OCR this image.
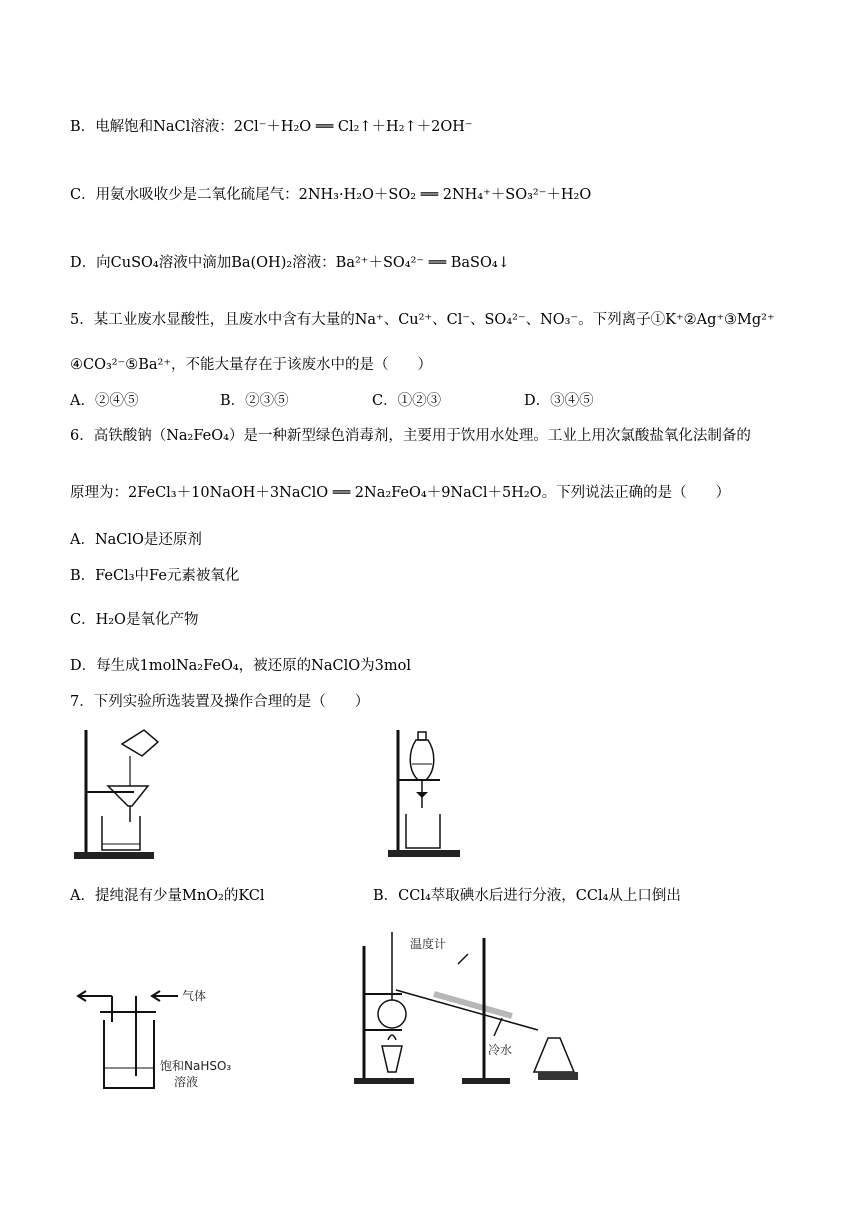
B．电解饱和NaCl溶液：2Cl⁻＋H₂O ══ Cl₂↑＋H₂↑＋2OH⁻
C．用氨水吸收少是二氧化硫尾气：2NH₃·H₂O＋SO₂ ══ 2NH₄⁺＋SO₃²⁻＋H₂O
D．向CuSO₄溶液中滴加Ba(OH)₂溶液：Ba²⁺＋SO₄²⁻ ══ BaSO₄↓
5．某工业废水显酸性，且废水中含有大量的Na⁺、Cu²⁺、Cl⁻、SO₄²⁻、NO₃⁻。下列离子①K⁺②Ag⁺③Mg²⁺
④CO₃²⁻⑤Ba²⁺，不能大量存在于该废水中的是（　　）
A．②④⑤	B．②③⑤	C．①②③	D．③④⑤
6．高铁酸钠（Na₂FeO₄）是一种新型绿色消毒剂，主要用于饮用水处理。工业上用次氯酸盐氧化法制备的
原理为：2FeCl₃＋10NaOH＋3NaClO ══ 2Na₂FeO₄＋9NaCl＋5H₂O。下列说法正确的是（　　）
A．NaClO是还原剂
B．FeCl₃中Fe元素被氧化
C．H₂O是氧化产物
D．每生成1molNa₂FeO₄，被还原的NaClO为3mol
7．下列实验所选装置及操作合理的是（　　）
A．提纯混有少量MnO₂的KCl	B．CCl₄萃取碘水后进行分液，CCl₄从上口倒出
气体
饱和NaHSO₃
溶液
温度计
冷水
